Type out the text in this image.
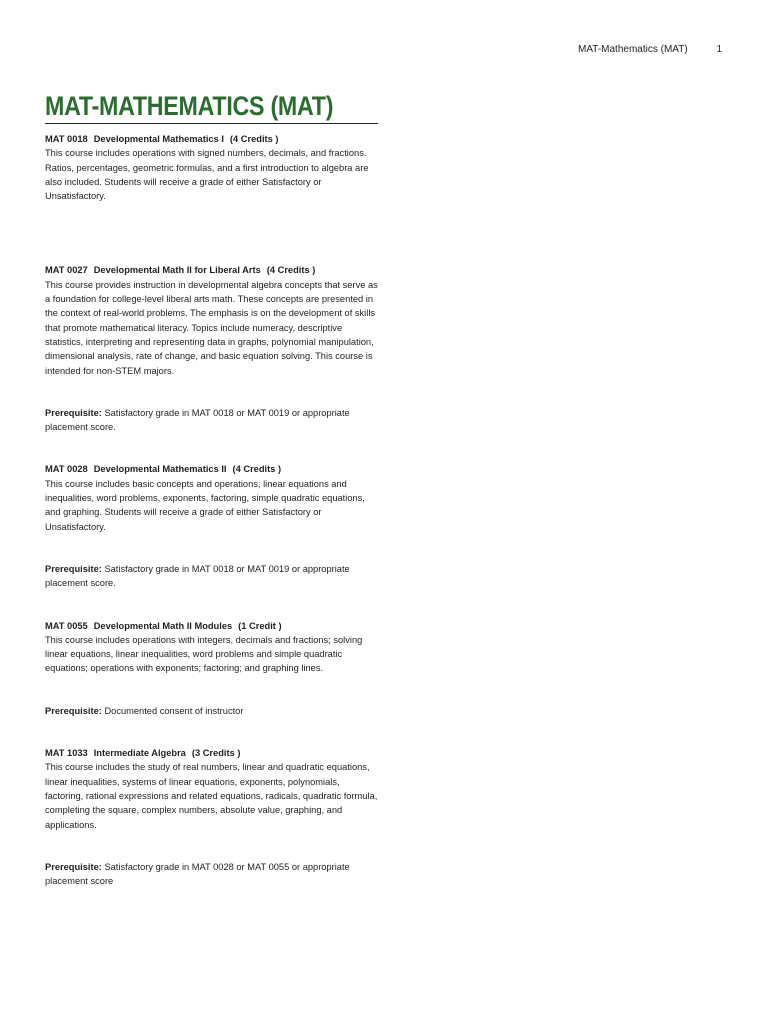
MAT-Mathematics (MAT)	1
MAT-MATHEMATICS (MAT)
MAT 0018 Developmental Mathematics I (4 Credits )

This course includes operations with signed numbers, decimals, and fractions. Ratios, percentages, geometric formulas, and a first introduction to algebra are also included. Students will receive a grade of either Satisfactory or Unsatisfactory.

MAT 0027 Developmental Math II for Liberal Arts (4 Credits )

This course provides instruction in developmental algebra concepts that serve as a foundation for college-level liberal arts math. These concepts are presented in the context of real-world problems. The emphasis is on the development of skills that promote mathematical literacy. Topics include numeracy, descriptive statistics, interpreting and representing data in graphs, polynomial manipulation, dimensional analysis, rate of change, and basic equation solving. This course is intended for non-STEM majors.

Prerequisite: Satisfactory grade in MAT 0018 or MAT 0019 or appropriate placement score.
MAT 0028 Developmental Mathematics II (4 Credits )

This course includes basic concepts and operations, linear equations and inequalities, word problems, exponents, factoring, simple quadratic equations, and graphing. Students will receive a grade of either Satisfactory or Unsatisfactory.

Prerequisite: Satisfactory grade in MAT 0018 or MAT 0019 or appropriate placement score.
MAT 0055 Developmental Math II Modules (1 Credit )

This course includes operations with integers, decimals and fractions; solving linear equations, linear inequalities, word problems and simple quadratic equations; operations with exponents; factoring; and graphing lines.

Prerequisite: Documented consent of instructor
MAT 1033 Intermediate Algebra (3 Credits )

This course includes the study of real numbers, linear and quadratic equations, linear inequalities, systems of linear equations, exponents, polynomials, factoring, rational expressions and related equations, radicals, quadratic formula, completing the square, complex numbers, absolute value, graphing, and applications.

Prerequisite: Satisfactory grade in MAT 0028 or MAT 0055 or appropriate placement score
